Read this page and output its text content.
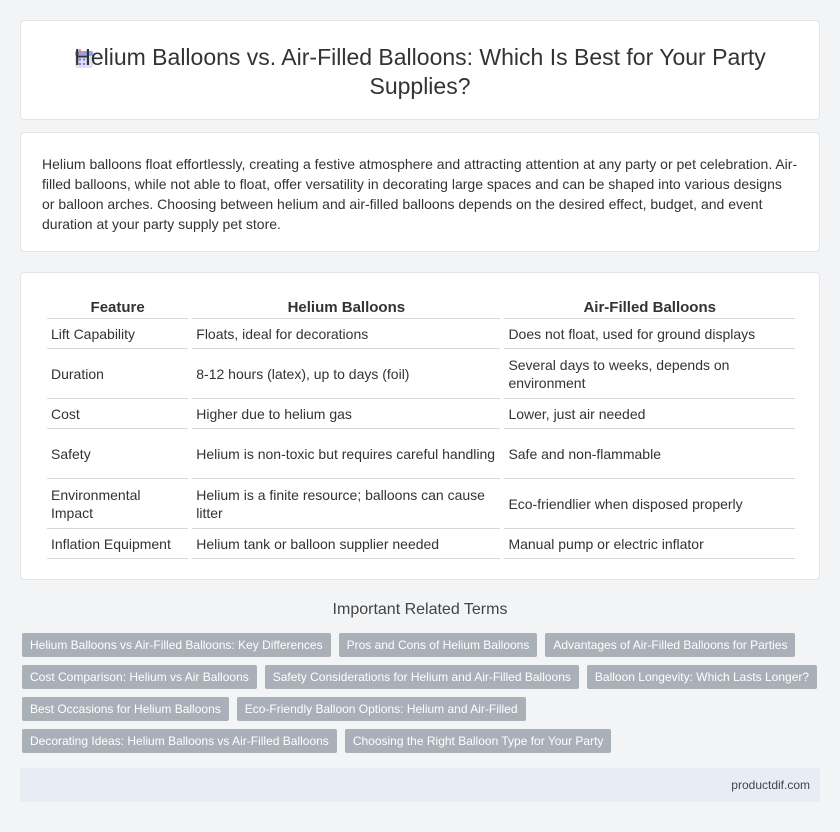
Helium Balloons vs. Air-Filled Balloons: Which Is Best for Your Party Supplies?

Helium balloons float effortlessly, creating a festive atmosphere and attracting attention at any party or pet celebration. Air-filled balloons, while not able to float, offer versatility in decorating large spaces and can be shaped into various designs or balloon arches. Choosing between helium and air-filled balloons depends on the desired effect, budget, and event duration at your party supply pet store.

Feature	Helium Balloons	Air-Filled Balloons
Lift Capability	Floats, ideal for decorations	Does not float, used for ground displays
Duration	8-12 hours (latex), up to days (foil)	Several days to weeks, depends on environment
Cost	Higher due to helium gas	Lower, just air needed
Safety	Helium is non-toxic but requires careful handling	Safe and non-flammable
Environmental Impact	Helium is a finite resource; balloons can cause litter	Eco-friendlier when disposed properly
Inflation Equipment	Helium tank or balloon supplier needed	Manual pump or electric inflator
Important Related Terms
Helium Balloons vs Air-Filled Balloons: Key Differences	Pros and Cons of Helium Balloons	Advantages of Air-Filled Balloons for Parties
Cost Comparison: Helium vs Air Balloons	Safety Considerations for Helium and Air-Filled Balloons	Balloon Longevity: Which Lasts Longer?
Best Occasions for Helium Balloons	Eco-Friendly Balloon Options: Helium and Air-Filled
Decorating Ideas: Helium Balloons vs Air-Filled Balloons	Choosing the Right Balloon Type for Your Party
productdif.com
